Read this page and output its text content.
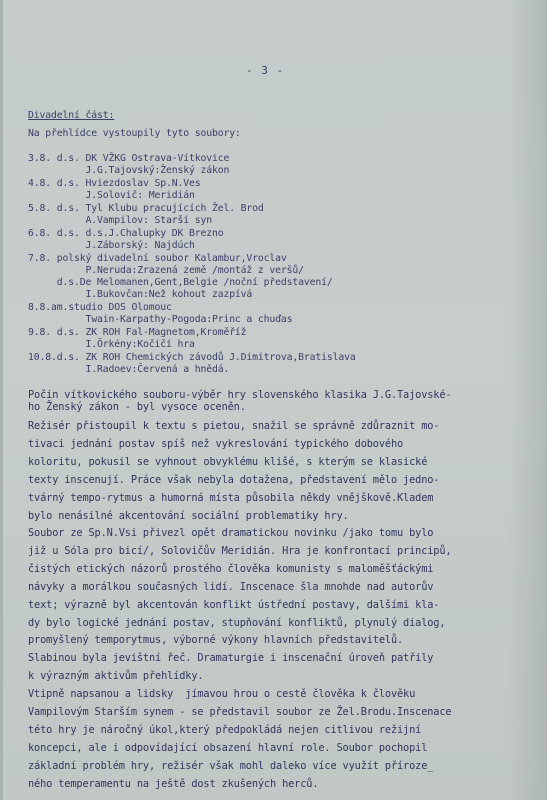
- 3 -
Divadelní část:
Na přehlídce vystoupily tyto soubory:
3.8. d.s. DK VŽKG Ostrava-Vítkovice
J.G.Tajovský:Ženský zákon
4.8. d.s. Hviezdoslav Sp.N.Ves
J.Solovič: Meridián
5.8. d.s. Tyl Klubu pracujících Žel. Brod
A.Vampilov: Starší syn
6.8. d.s. d.s.J.Chalupky DK Brezno
J.Záborský: Najdúch
7.8. polský divadelní soubor Kalambur,Vroclav
P.Neruda:Zrazená země /montáž z veršů/
d.s.De Melomanen,Gent,Belgie /noční představení/
I.Bukovčan:Než kohout zazpívá
8.8.am.studio DOS Olomouc
Twain-Karpathy-Pogoda:Princ a chuďas
9.8. d.s. ZK ROH Fal-Magnetom,Kroměříž
I.Örkény:Kočičí hra
10.8.d.s. ZK ROH Chemických závodů J.Dimitrova,Bratislava
I.Radoev:Červená a hnědá.
Počin vítkovického souboru-výběr hry slovenského klasika J.G.Tajovské-
ho Ženský zákon - byl vysoce oceněn.
Režisér přistoupil k textu s pietou, snažil se správně zdůraznit mo-
tivaci jednání postav spíš než vykreslování typického dobového
koloritu, pokusil se vyhnout obvyklému klišé, s kterým se klasické
texty inscenují. Práce však nebyla dotažena, představení mělo jedno-
tvárný tempo-rytmus a humorná místa působila někdy vnějškově.Kladem
bylo nenásilné akcentování sociální problematiky hry.
Soubor ze Sp.N.Vsi přivezl opět dramatickou novinku /jako tomu bylo
již u Sóla pro bicí/, Solovičův Meridián. Hra je konfrontací principů,
čistých etických názorů prostého člověka komunisty s maloměšťáckými
návyky a morálkou současných lidí. Inscenace šla mnohde nad autorův
text; výrazně byl akcentován konflikt ústřední postavy, dalšími kla-
dy bylo logické jednání postav, stupňování konfliktů, plynulý dialog,
promyšlený temporytmus, výborné výkony hlavních představitelů.
Slabinou byla jevištní řeč. Dramaturgie i inscenační úroveň patřily
k výrazným aktivům přehlídky.
Vtipně napsanou a lidsky  jímavou hrou o cestě člověka k člověku
Vampilovým Starším synem - se představil soubor ze Žel.Brodu.Inscenace
této hry je náročný úkol,který předpokládá nejen citlivou režijní
koncepci, ale i odpovídající obsazení hlavní role. Soubor pochopil
základní problém hry, režisér však mohl daleko více využít příroze_
ného temperamentu na ještě dost zkušených herců.
